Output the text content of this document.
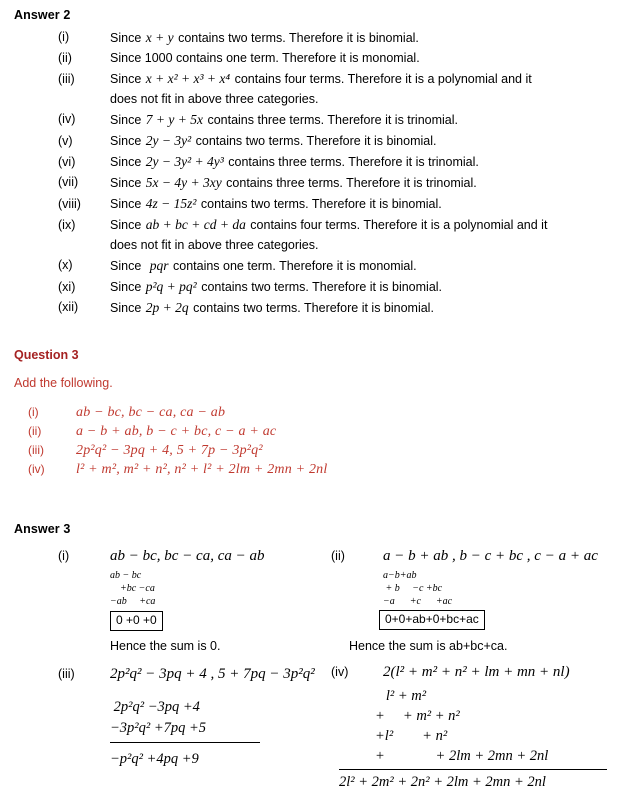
Answer 2
(i)	Since x + y contains two terms. Therefore it is binomial.
(ii)	Since 1000 contains one term. Therefore it is monomial.
(iii)	Since x + x² + x³ + x⁴ contains four terms. Therefore it is a polynomial and it
does not fit in above three categories.
(iv)	Since 7 + y + 5x contains three terms. Therefore it is trinomial.
(v)	Since 2y − 3y² contains two terms. Therefore it is binomial.
(vi)	Since 2y − 3y² + 4y³ contains three terms. Therefore it is trinomial.
(vii)	Since 5x − 4y + 3xy contains three terms. Therefore it is trinomial.
(viii)	Since 4z − 15z² contains two terms. Therefore it is binomial.
(ix)	Since ab + bc + cd + da contains four terms. Therefore it is a polynomial and it
does not fit in above three categories.
(x)	Since pqr contains one term. Therefore it is monomial.
(xi)	Since p²q + pq² contains two terms. Therefore it is binomial.
(xii)	Since 2p + 2q contains two terms. Therefore it is binomial.
Question 3
Add the following.
(i)	ab − bc, bc − ca, ca − ab
(ii)	a − b + ab, b − c + bc, c − a + ac
(iii)	2p²q² − 3pq + 4, 5 + 7p − 3p²q²
(iv)	l² + m², m² + n², n² + l² + 2lm + 2mn + 2nl
Answer 3
(i)	ab − bc, bc − ca, ca − ab
ab − bc
+bc −ca
−ab     +ca
0 +0 +0
Hence the sum is 0.
(iii)	2p²q² − 3pq + 4 , 5 + 7pq − 3p²q²
2p²q² −3pq +4
−3p²q² +7pq +5
−p²q² +4pq +9
(ii)	a − b + ab , b − c + bc , c − a + ac
a−b+ab
+ b     −c +bc
−a      +c      +ac
0+0+ab+0+bc+ac
Hence the sum is ab+bc+ca.
(iv)	2(l² + m² + n² + lm + mn + nl)
l² + m²
+     + m² + n²
+l²        + n²
+              + 2lm + 2mn + 2nl
2l² + 2m² + 2n² + 2lm + 2mn + 2nl
